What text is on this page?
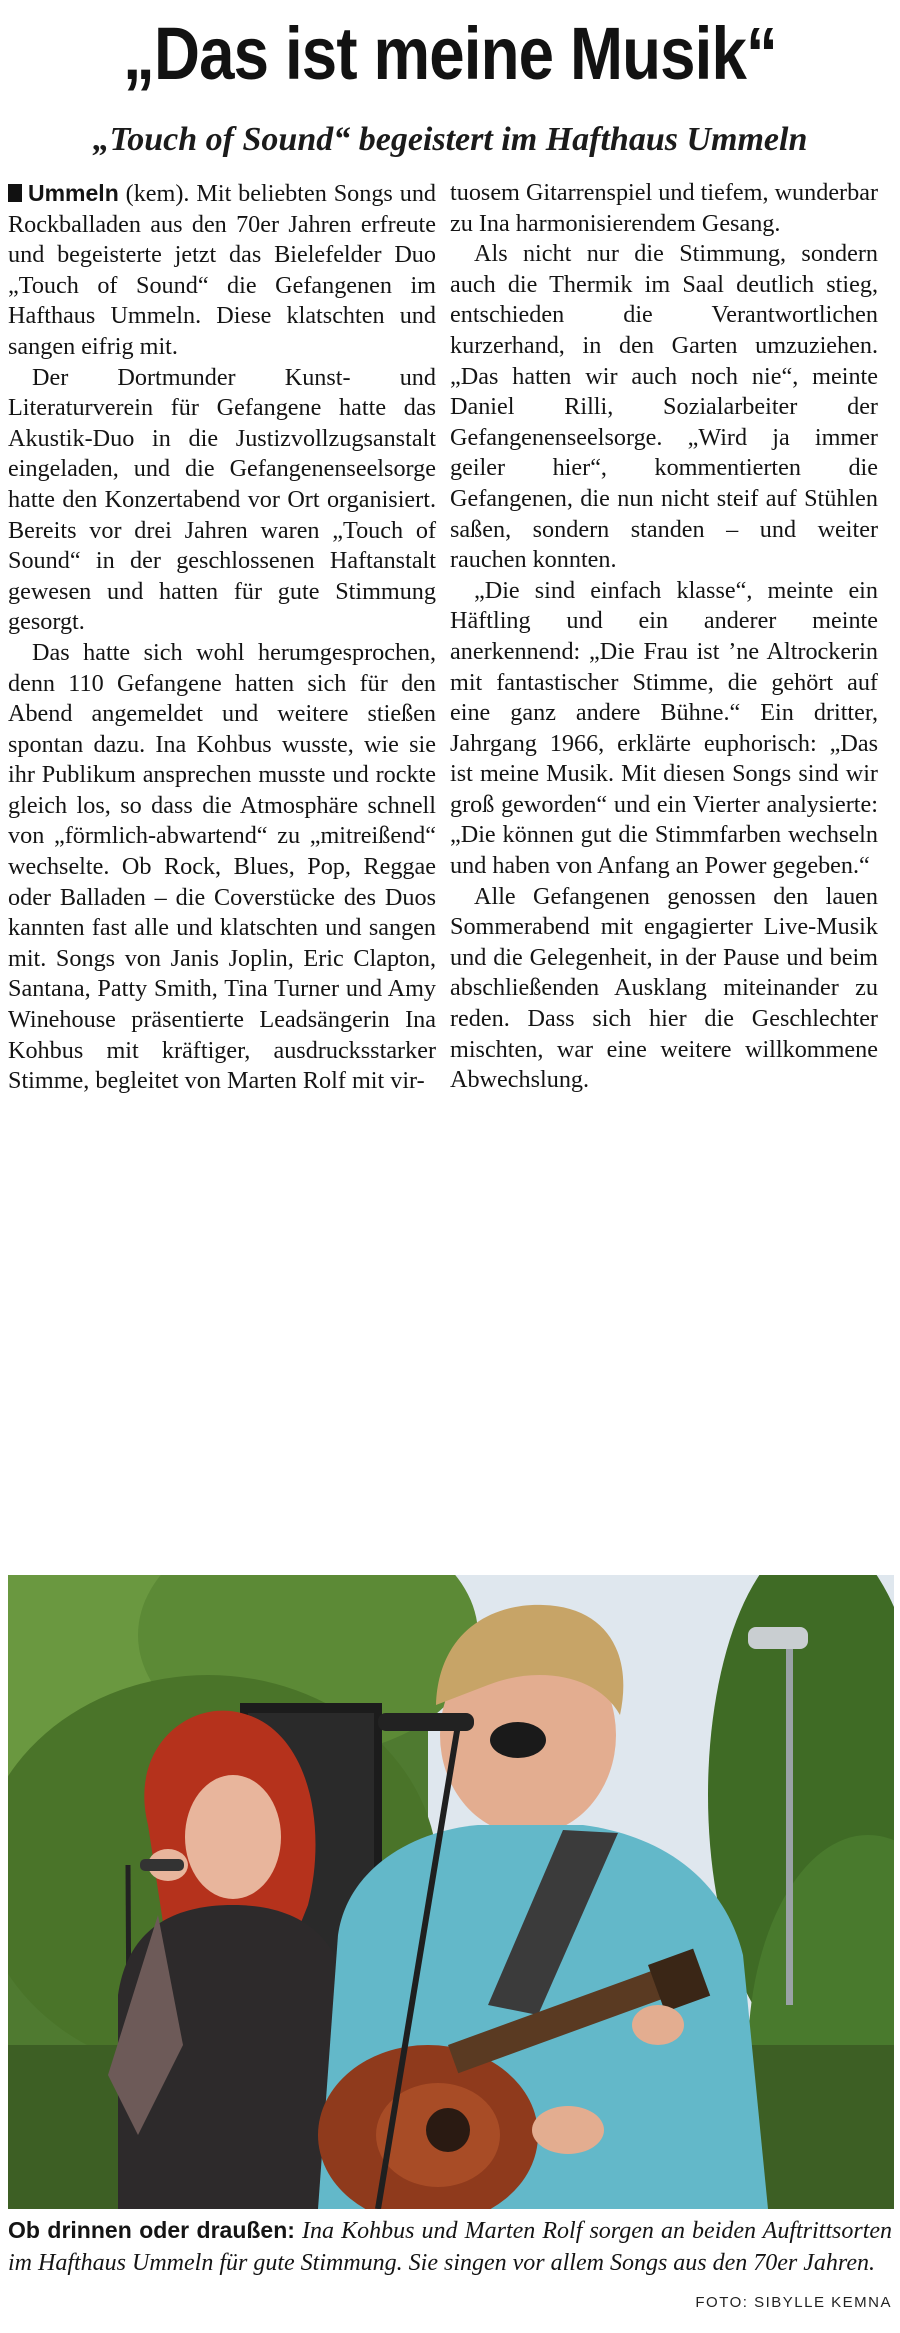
„Das ist meine Musik“
„Touch of Sound“ begeistert im Hafthaus Ummeln

Ummeln (kem). Mit beliebten Songs und Rockballaden aus den 70er Jahren erfreute und begeisterte jetzt das Bielefelder Duo „Touch of Sound“ die Gefangenen im Hafthaus Ummeln. Diese klatschten und sangen eifrig mit.

Der Dortmunder Kunst- und Literaturverein für Gefangene hatte das Akustik-Duo in die Justizvollzugsanstalt eingeladen, und die Gefangenenseelsorge hatte den Konzertabend vor Ort organisiert. Bereits vor drei Jahren waren „Touch of Sound“ in der geschlossenen Haftanstalt gewesen und hatten für gute Stimmung gesorgt.

Das hatte sich wohl herumgesprochen, denn 110 Gefangene hatten sich für den Abend angemeldet und weitere stießen spontan dazu. Ina Kohbus wusste, wie sie ihr Publikum ansprechen musste und rockte gleich los, so dass die Atmosphäre schnell von „förmlich-abwartend“ zu „mitreißend“ wechselte. Ob Rock, Blues, Pop, Reggae oder Balladen – die Coverstücke des Duos kannten fast alle und klatschten und sangen mit. Songs von Janis Joplin, Eric Clapton, Santana, Patty Smith, Tina Turner und Amy Winehouse präsentierte Leadsängerin Ina Kohbus mit kräftiger, ausdrucksstarker Stimme, begleitet von Marten Rolf mit vir-

tuosem Gitarrenspiel und tiefem, wunderbar zu Ina harmonisierendem Gesang.

Als nicht nur die Stimmung, sondern auch die Thermik im Saal deutlich stieg, entschieden die Verantwortlichen kurzerhand, in den Garten umzuziehen. „Das hatten wir auch noch nie“, meinte Daniel Rilli, Sozialarbeiter der Gefangenenseelsorge. „Wird ja immer geiler hier“, kommentierten die Gefangenen, die nun nicht steif auf Stühlen saßen, sondern standen – und weiter rauchen konnten.

„Die sind einfach klasse“, meinte ein Häftling und ein anderer meinte anerkennend: „Die Frau ist ’ne Altrockerin mit fantastischer Stimme, die gehört auf eine ganz andere Bühne.“ Ein dritter, Jahrgang 1966, erklärte euphorisch: „Das ist meine Musik. Mit diesen Songs sind wir groß geworden“ und ein Vierter analysierte: „Die können gut die Stimmfarben wechseln und haben von Anfang an Power gegeben.“

Alle Gefangenen genossen den lauen Sommerabend mit engagierter Live-Musik und die Gelegenheit, in der Pause und beim abschließenden Ausklang miteinander zu reden. Dass sich hier die Geschlechter mischten, war eine weitere willkommene Abwechslung.

Ob drinnen oder draußen: Ina Kohbus und Marten Rolf sorgen an beiden Auftrittsorten im Hafthaus Ummeln für gute Stimmung. Sie singen vor allem Songs aus den 70er Jahren.
FOTO: SIBYLLE KEMNA
